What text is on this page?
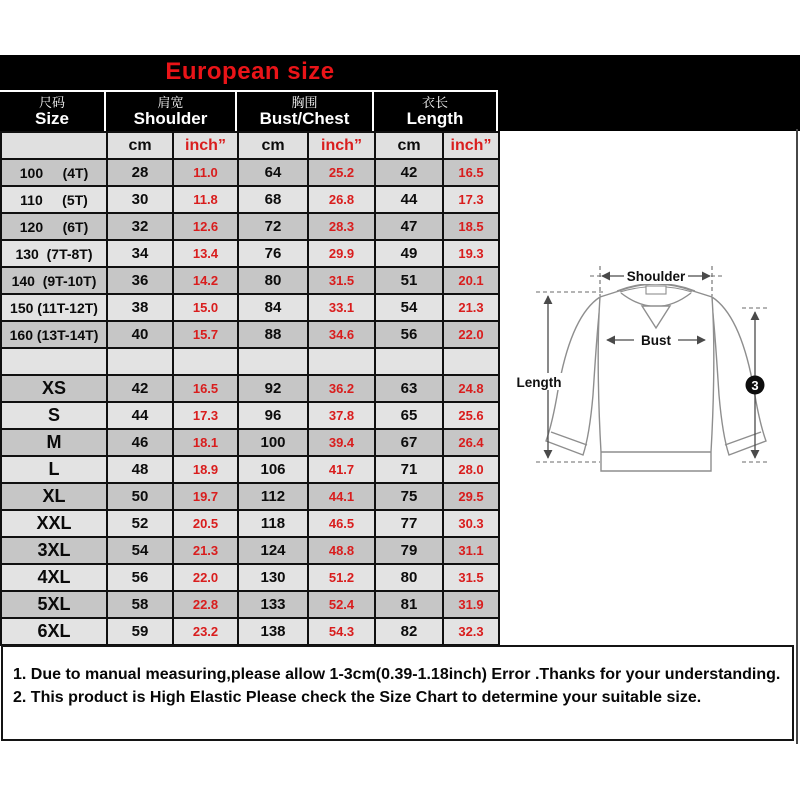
European size
尺码
Size
肩宽
Shoulder
胸围
Bust/Chest
衣长
Length
	cm	inch”	cm	inch”	cm	inch”
100     (4T)	28	11.0	64	25.2	42	16.5
110     (5T)	30	11.8	68	26.8	44	17.3
120     (6T)	32	12.6	72	28.3	47	18.5
130  (7T-8T)	34	13.4	76	29.9	49	19.3
140  (9T-10T)	36	14.2	80	31.5	51	20.1
150 (11T-12T)	38	15.0	84	33.1	54	21.3
160 (13T-14T)	40	15.7	88	34.6	56	22.0

XS	42	16.5	92	36.2	63	24.8
S	44	17.3	96	37.8	65	25.6
M	46	18.1	100	39.4	67	26.4
L	48	18.9	106	41.7	71	28.0
XL	50	19.7	112	44.1	75	29.5
XXL	52	20.5	118	46.5	77	30.3
3XL	54	21.3	124	48.8	79	31.1
4XL	56	22.0	130	51.2	80	31.5
5XL	58	22.8	133	52.4	81	31.9
6XL	59	23.2	138	54.3	82	32.3
Shoulder
Bust
Length	3
1. Due to manual measuring,please allow 1-3cm(0.39-1.18inch) Error .Thanks for your understanding.
2. This product is High Elastic Please check the Size Chart to determine your suitable size.
